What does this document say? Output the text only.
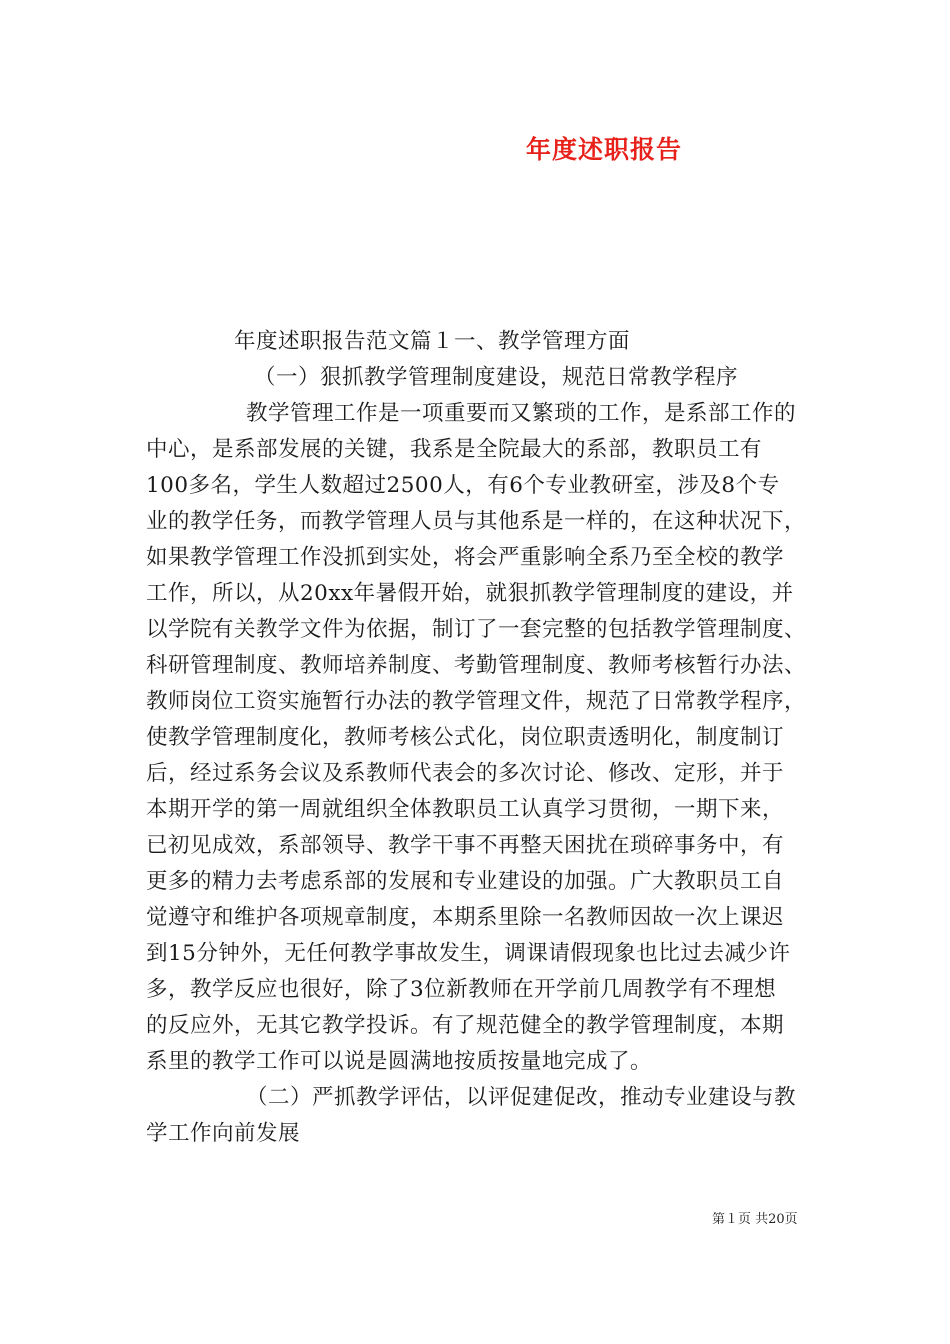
年度述职报告
年度述职报告范文篇１一、教学管理方面
（一）狠抓教学管理制度建设，规范日常教学程序
教学管理工作是一项重要而又繁琐的工作，是系部工作的
中心，是系部发展的关键，我系是全院最大的系部，教职员工有
100多名，学生人数超过2500人，有6个专业教研室，涉及8个专
业的教学任务，而教学管理人员与其他系是一样的，在这种状况下，
如果教学管理工作没抓到实处，将会严重影响全系乃至全校的教学
工作，所以，从20xx年暑假开始，就狠抓教学管理制度的建设，并
以学院有关教学文件为依据，制订了一套完整的包括教学管理制度、
科研管理制度、教师培养制度、考勤管理制度、教师考核暂行办法、
教师岗位工资实施暂行办法的教学管理文件，规范了日常教学程序，
使教学管理制度化，教师考核公式化，岗位职责透明化，制度制订
后，经过系务会议及系教师代表会的多次讨论、修改、定形，并于
本期开学的第一周就组织全体教职员工认真学习贯彻，一期下来，
已初见成效，系部领导、教学干事不再整天困扰在琐碎事务中，有
更多的精力去考虑系部的发展和专业建设的加强。广大教职员工自
觉遵守和维护各项规章制度，本期系里除一名教师因故一次上课迟
到15分钟外，无任何教学事故发生，调课请假现象也比过去减少许
多，教学反应也很好，除了3位新教师在开学前几周教学有不理想
的反应外，无其它教学投诉。有了规范健全的教学管理制度，本期
系里的教学工作可以说是圆满地按质按量地完成了。
（二）严抓教学评估，以评促建促改，推动专业建设与教
学工作向前发展
第１页 共20页
